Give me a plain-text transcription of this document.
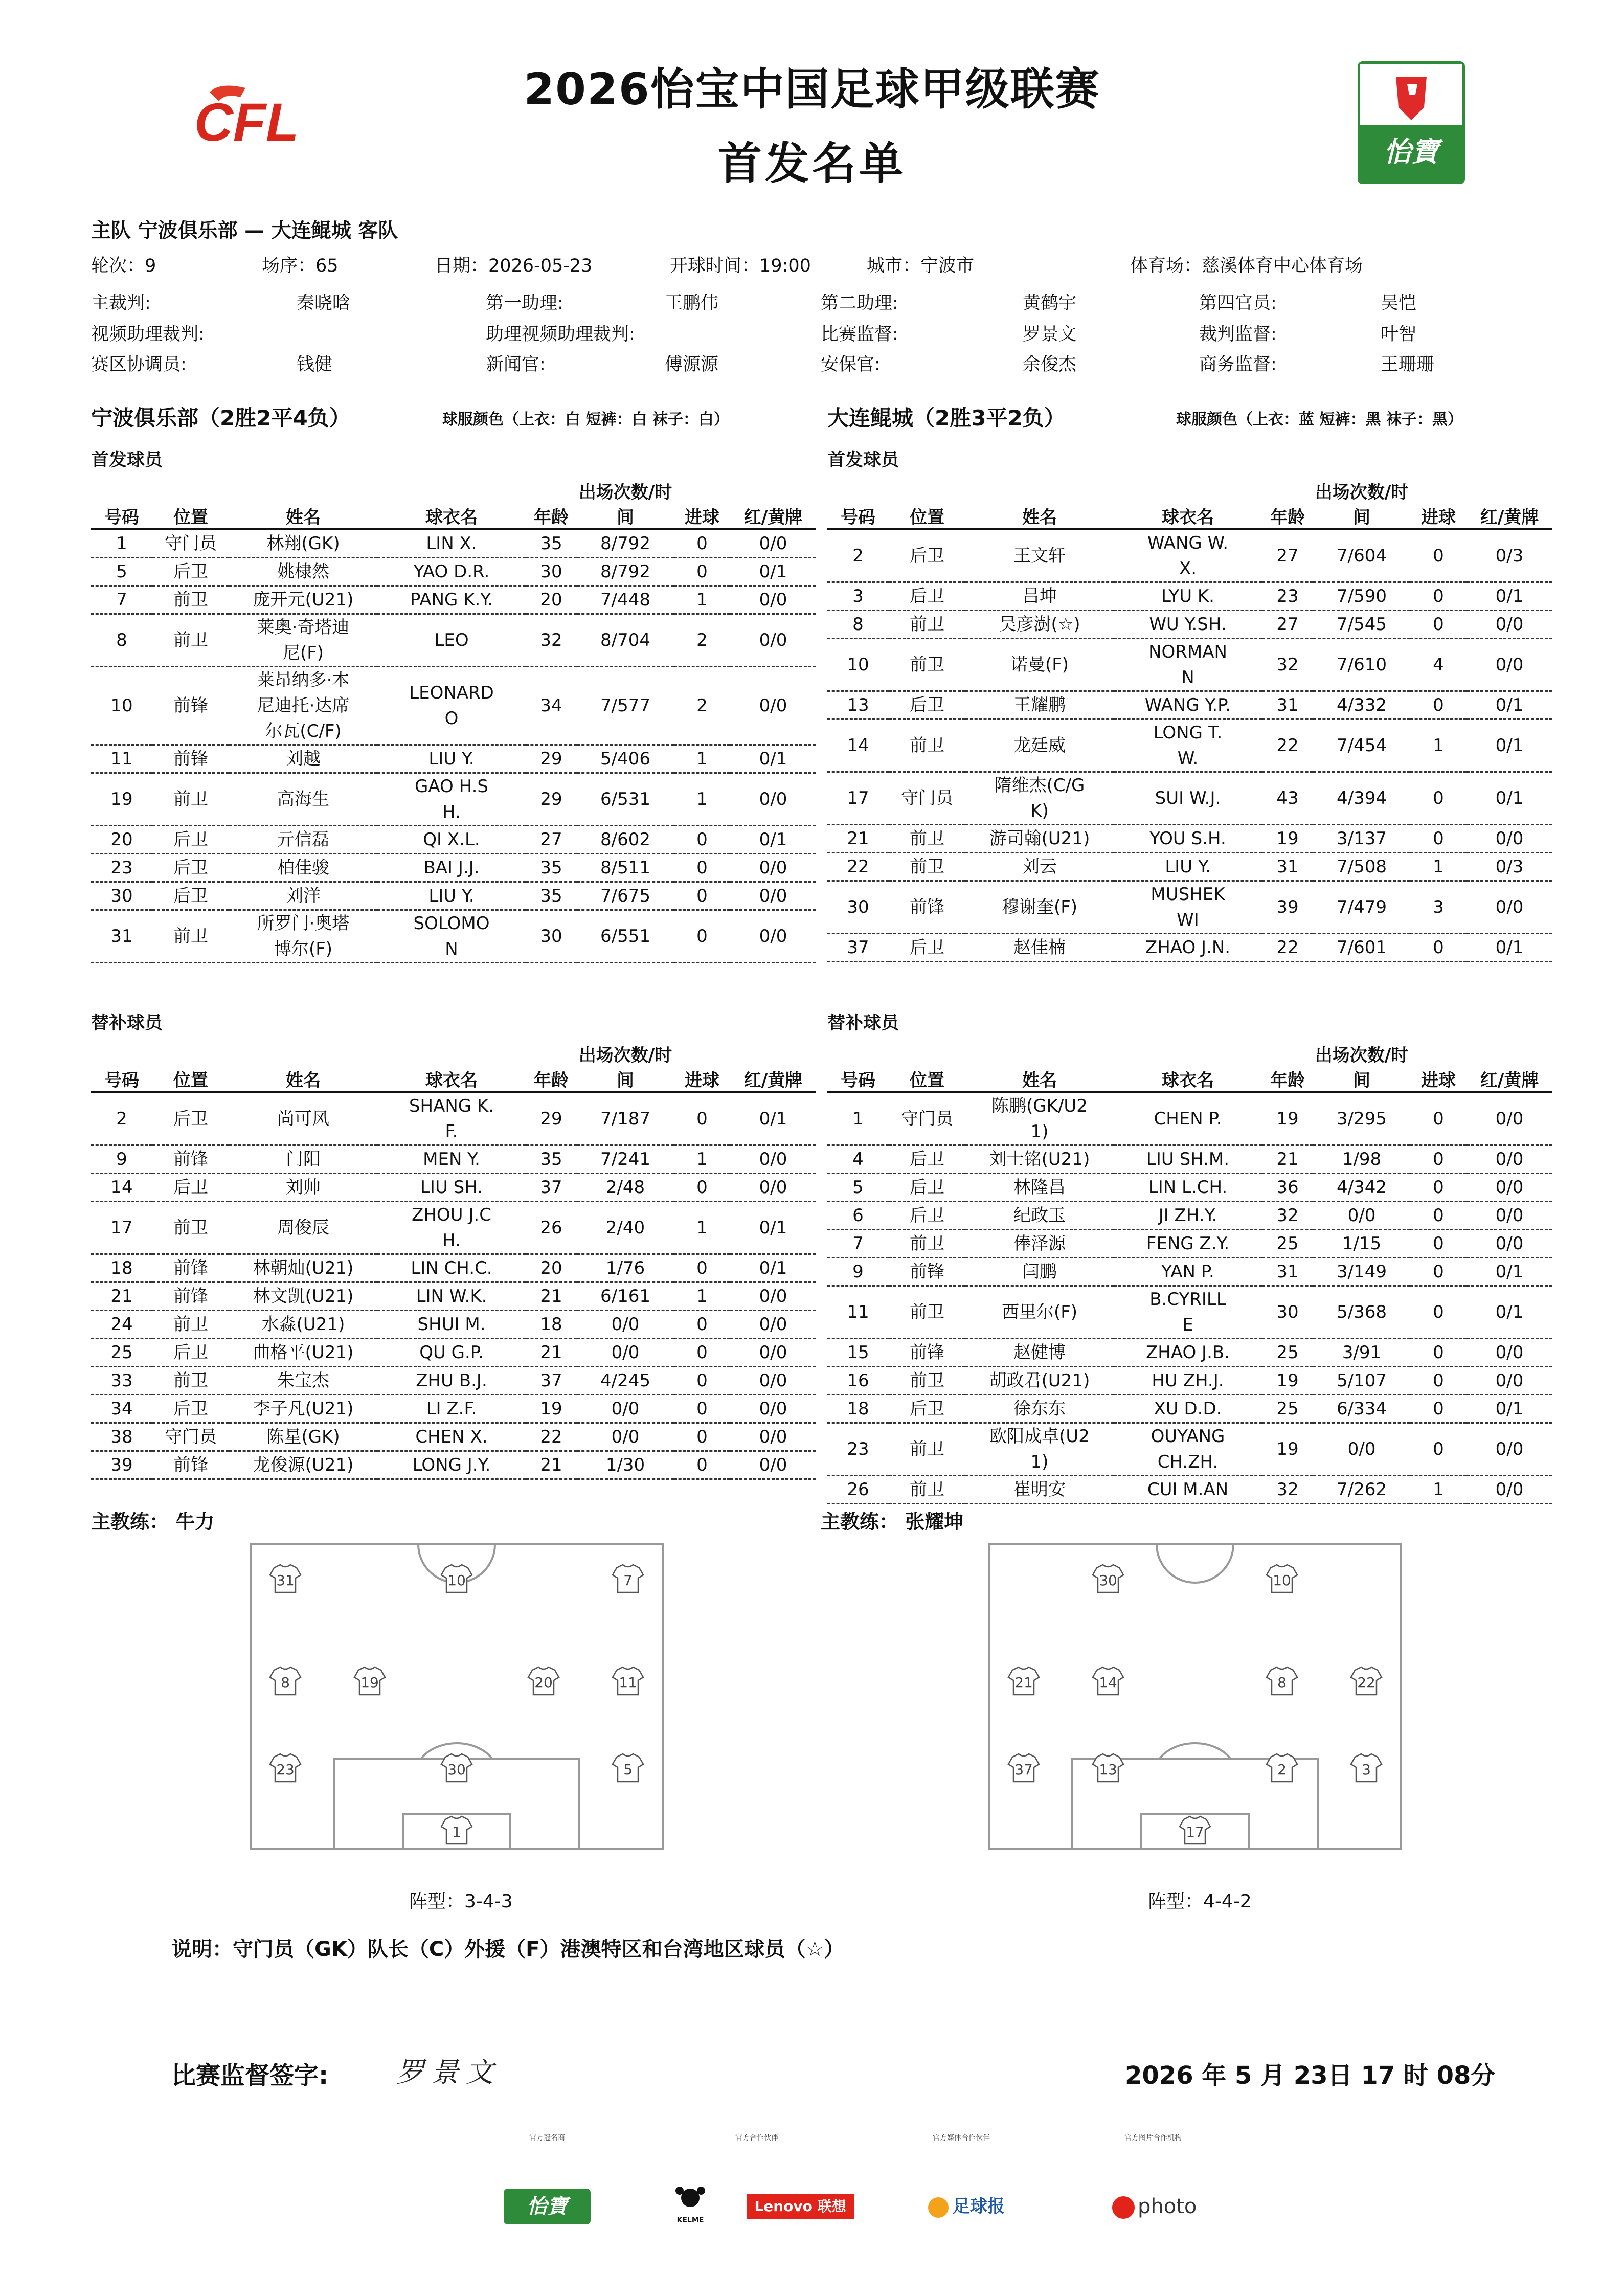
CFL
2026怡宝中国足球甲级联赛
首发名单	怡寶
主队 宁波俱乐部 — 大连鲲城 客队
轮次：9	场序：65	日期：2026-05-23	开球时间：19:00	城市：宁波市	体育场：慈溪体育中心体育场
主裁判:	秦晓晗	第一助理:	王鹏伟	第二助理:	黄鹤宇	第四官员:	吴恺
视频助理裁判:	助理视频助理裁判:	比赛监督:	罗景文	裁判监督:	叶智
赛区协调员:	钱健	新闻官:	傅源源	安保官:	余俊杰	商务监督:	王珊珊
宁波俱乐部（2胜2平4负）	球服颜色（上衣：白 短裤：白 袜子：白）	大连鲲城（2胜3平2负）	球服颜色（上衣：蓝 短裤：黑 袜子：黑）
首发球员	首发球员
替补球员	替补球员
号码	位置	姓名	球衣名	年龄	出场次数/时间	进球	红/黄牌
1	守门员	林翔(GK)	LIN X.	35	8/792	0	0/0
5	后卫	姚棣然	YAO D.R.	30	8/792	0	0/1
7	前卫	庞开元(U21)	PANG K.Y.	20	7/448	1	0/0
8	前卫	莱奥·奇塔迪尼(F)	LEO	32	8/704	2	0/0
10	前锋	莱昂纳多·本尼迪托·达席尔瓦(C/F)	LEONARDO	34	7/577	2	0/0
11	前锋	刘越	LIU Y.	29	5/406	1	0/1
19	前卫	高海生	GAO H.SH.	29	6/531	1	0/0
20	后卫	亓信磊	QI X.L.	27	8/602	0	0/1
23	后卫	柏佳骏	BAI J.J.	35	8/511	0	0/0
30	后卫	刘洋	LIU Y.	35	7/675	0	0/0
31	前卫	所罗门·奥塔博尔(F)	SOLOMON	30	6/551	0	0/0
号码	位置	姓名	球衣名	年龄	出场次数/时间	进球	红/黄牌
2	后卫	王文轩	WANG W.X.	27	7/604	0	0/3
3	后卫	吕坤	LYU K.	23	7/590	0	0/1
8	前卫	吴彦澍(☆)	WU Y.SH.	27	7/545	0	0/0
10	前卫	诺曼(F)	NORMANN	32	7/610	4	0/0
13	后卫	王耀鹏	WANG Y.P.	31	4/332	0	0/1
14	前卫	龙廷威	LONG T.W.	22	7/454	1	0/1
17	守门员	隋维杰(C/GK)	SUI W.J.	43	4/394	0	0/1
21	前卫	游司翰(U21)	YOU S.H.	19	3/137	0	0/0
22	前卫	刘云	LIU Y.	31	7/508	1	0/3
30	前锋	穆谢奎(F)	MUSHEKWI	39	7/479	3	0/0
37	后卫	赵佳楠	ZHAO J.N.	22	7/601	0	0/1
号码	位置	姓名	球衣名	年龄	出场次数/时间	进球	红/黄牌
2	后卫	尚可风	SHANG K.F.	29	7/187	0	0/1
9	前锋	门阳	MEN Y.	35	7/241	1	0/0
14	后卫	刘帅	LIU SH.	37	2/48	0	0/0
17	前卫	周俊辰	ZHOU J.CH.	26	2/40	1	0/1
18	前锋	林朝灿(U21)	LIN CH.C.	20	1/76	0	0/1
21	前锋	林文凯(U21)	LIN W.K.	21	6/161	1	0/0
24	前卫	水淼(U21)	SHUI M.	18	0/0	0	0/0
25	后卫	曲格平(U21)	QU G.P.	21	0/0	0	0/0
33	前卫	朱宝杰	ZHU B.J.	37	4/245	0	0/0
34	后卫	李子凡(U21)	LI Z.F.	19	0/0	0	0/0
38	守门员	陈星(GK)	CHEN X.	22	0/0	0	0/0
39	前锋	龙俊源(U21)	LONG J.Y.	21	1/30	0	0/0
号码	位置	姓名	球衣名	年龄	出场次数/时间	进球	红/黄牌
1	守门员	陈鹏(GK/U21)	CHEN P.	19	3/295	0	0/0
4	后卫	刘士铭(U21)	LIU SH.M.	21	1/98	0	0/0
5	后卫	林隆昌	LIN L.CH.	36	4/342	0	0/0
6	后卫	纪政玉	JI ZH.Y.	32	0/0	0	0/0
7	前卫	俸泽源	FENG Z.Y.	25	1/15	0	0/0
9	前锋	闫鹏	YAN P.	31	3/149	0	0/1
11	前卫	西里尔(F)	B.CYRILLE	30	5/368	0	0/1
15	前锋	赵健博	ZHAO J.B.	25	3/91	0	0/0
16	前卫	胡政君(U21)	HU ZH.J.	19	5/107	0	0/0
18	后卫	徐东东	XU D.D.	25	6/334	0	0/1
23	前卫	欧阳成卓(U21)	OUYANG CH.ZH.	19	0/0	0	0/0
26	前卫	崔明安	CUI M.AN	32	7/262	1	0/0
主教练： 牛力	主教练： 张耀坤
31	10	7
8	19	20	11
23	30	5
1
30	10
21	14	8	22
37	13	2	3
17
阵型：3-4-3	阵型：4-4-2
说明：守门员（GK）队长（C）外援（F）港澳特区和台湾地区球员（☆）
比赛监督签字: 罗景文	2026 年 5 月 23日 17 时 08分
官方冠名商	官方合作伙伴	官方媒体合作伙伴	官方图片合作机构
怡寶
KELME
Lenovo 联想	足球报	photo
